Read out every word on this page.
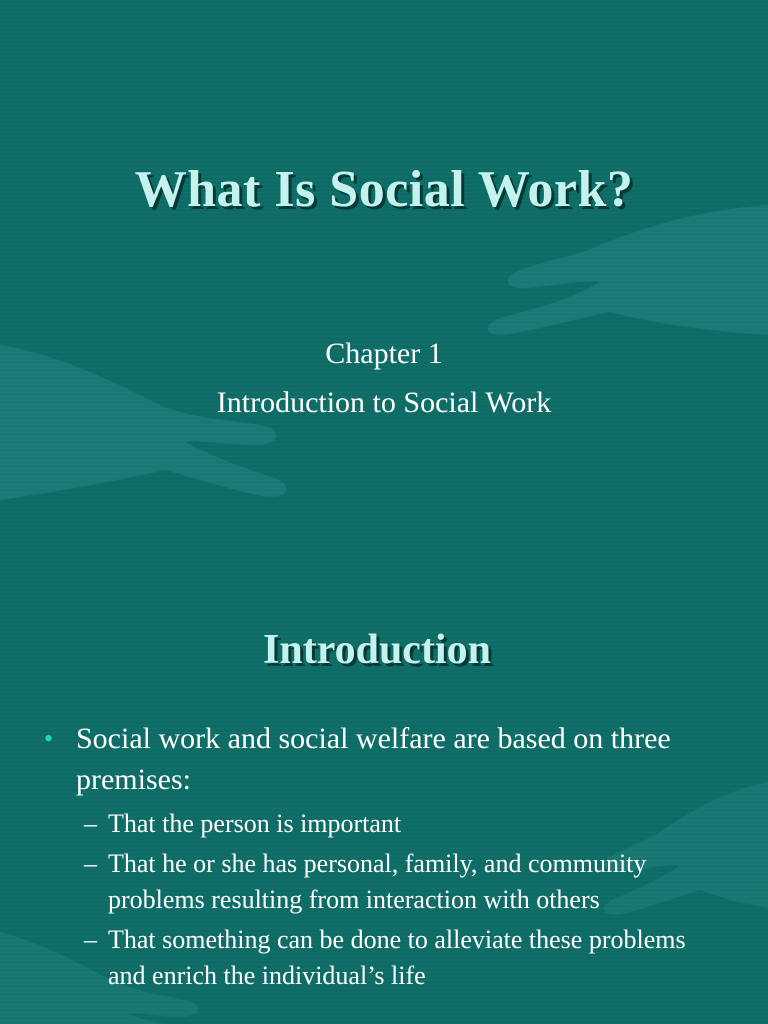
What Is Social Work?
Chapter 1
Introduction to Social Work
Introduction
• Social work and social welfare are based on three premises:
– That the person is important
– That he or she has personal, family, and community problems resulting from interaction with others
– That something can be done to alleviate these problems and enrich the individual’s life
